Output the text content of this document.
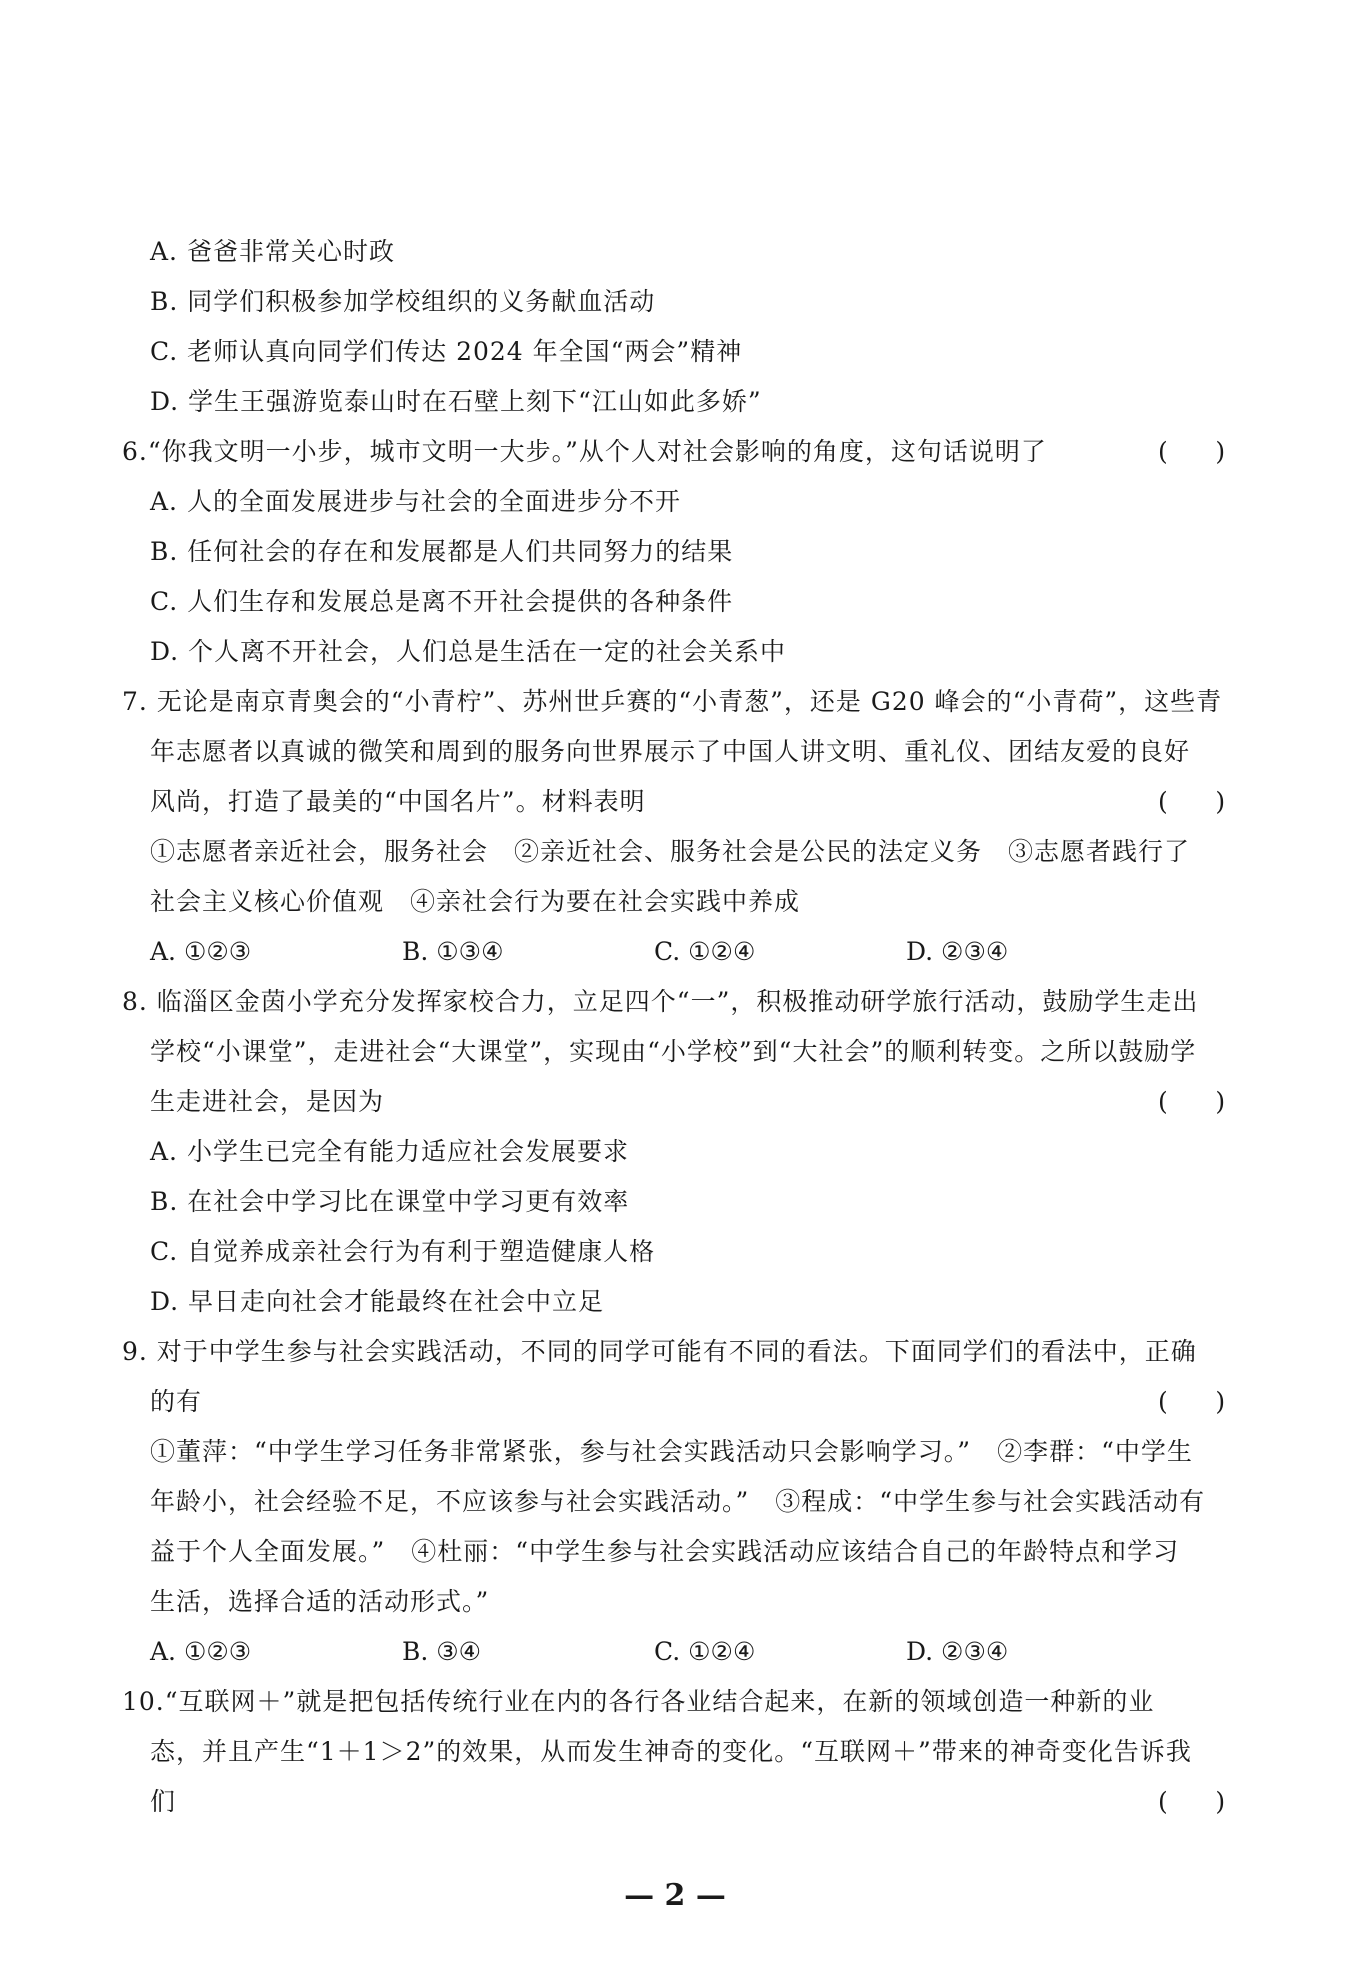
A. 爸爸非常关心时政
B. 同学们积极参加学校组织的义务献血活动
C. 老师认真向同学们传达 2024 年全国“两会”精神
D. 学生王强游览泰山时在石壁上刻下“江山如此多娇”
6.“你我文明一小步，城市文明一大步。”从个人对社会影响的角度，这句话说明了	(      )
A. 人的全面发展进步与社会的全面进步分不开
B. 任何社会的存在和发展都是人们共同努力的结果
C. 人们生存和发展总是离不开社会提供的各种条件
D. 个人离不开社会，人们总是生活在一定的社会关系中
7. 无论是南京青奥会的“小青柠”、苏州世乒赛的“小青葱”，还是 G20 峰会的“小青荷”，这些青
年志愿者以真诚的微笑和周到的服务向世界展示了中国人讲文明、重礼仪、团结友爱的良好
风尚，打造了最美的“中国名片”。材料表明	(      )
①志愿者亲近社会，服务社会　②亲近社会、服务社会是公民的法定义务　③志愿者践行了
社会主义核心价值观　④亲社会行为要在社会实践中养成
A. ①②③	B. ①③④	C. ①②④	D. ②③④
8. 临淄区金茵小学充分发挥家校合力，立足四个“一”，积极推动研学旅行活动，鼓励学生走出
学校“小课堂”，走进社会“大课堂”，实现由“小学校”到“大社会”的顺利转变。之所以鼓励学
生走进社会，是因为	(      )
A. 小学生已完全有能力适应社会发展要求
B. 在社会中学习比在课堂中学习更有效率
C. 自觉养成亲社会行为有利于塑造健康人格
D. 早日走向社会才能最终在社会中立足
9. 对于中学生参与社会实践活动，不同的同学可能有不同的看法。下面同学们的看法中，正确
的有	(      )
①董萍：“中学生学习任务非常紧张，参与社会实践活动只会影响学习。”　②李群：“中学生
年龄小，社会经验不足，不应该参与社会实践活动。”　③程成：“中学生参与社会实践活动有
益于个人全面发展。”　④杜丽：“中学生参与社会实践活动应该结合自己的年龄特点和学习
生活，选择合适的活动形式。”
A. ①②③	B. ③④	C. ①②④	D. ②③④
10.“互联网＋”就是把包括传统行业在内的各行各业结合起来，在新的领域创造一种新的业
态，并且产生“1＋1＞2”的效果，从而发生神奇的变化。“互联网＋”带来的神奇变化告诉我
们	(      )
— 2 —
